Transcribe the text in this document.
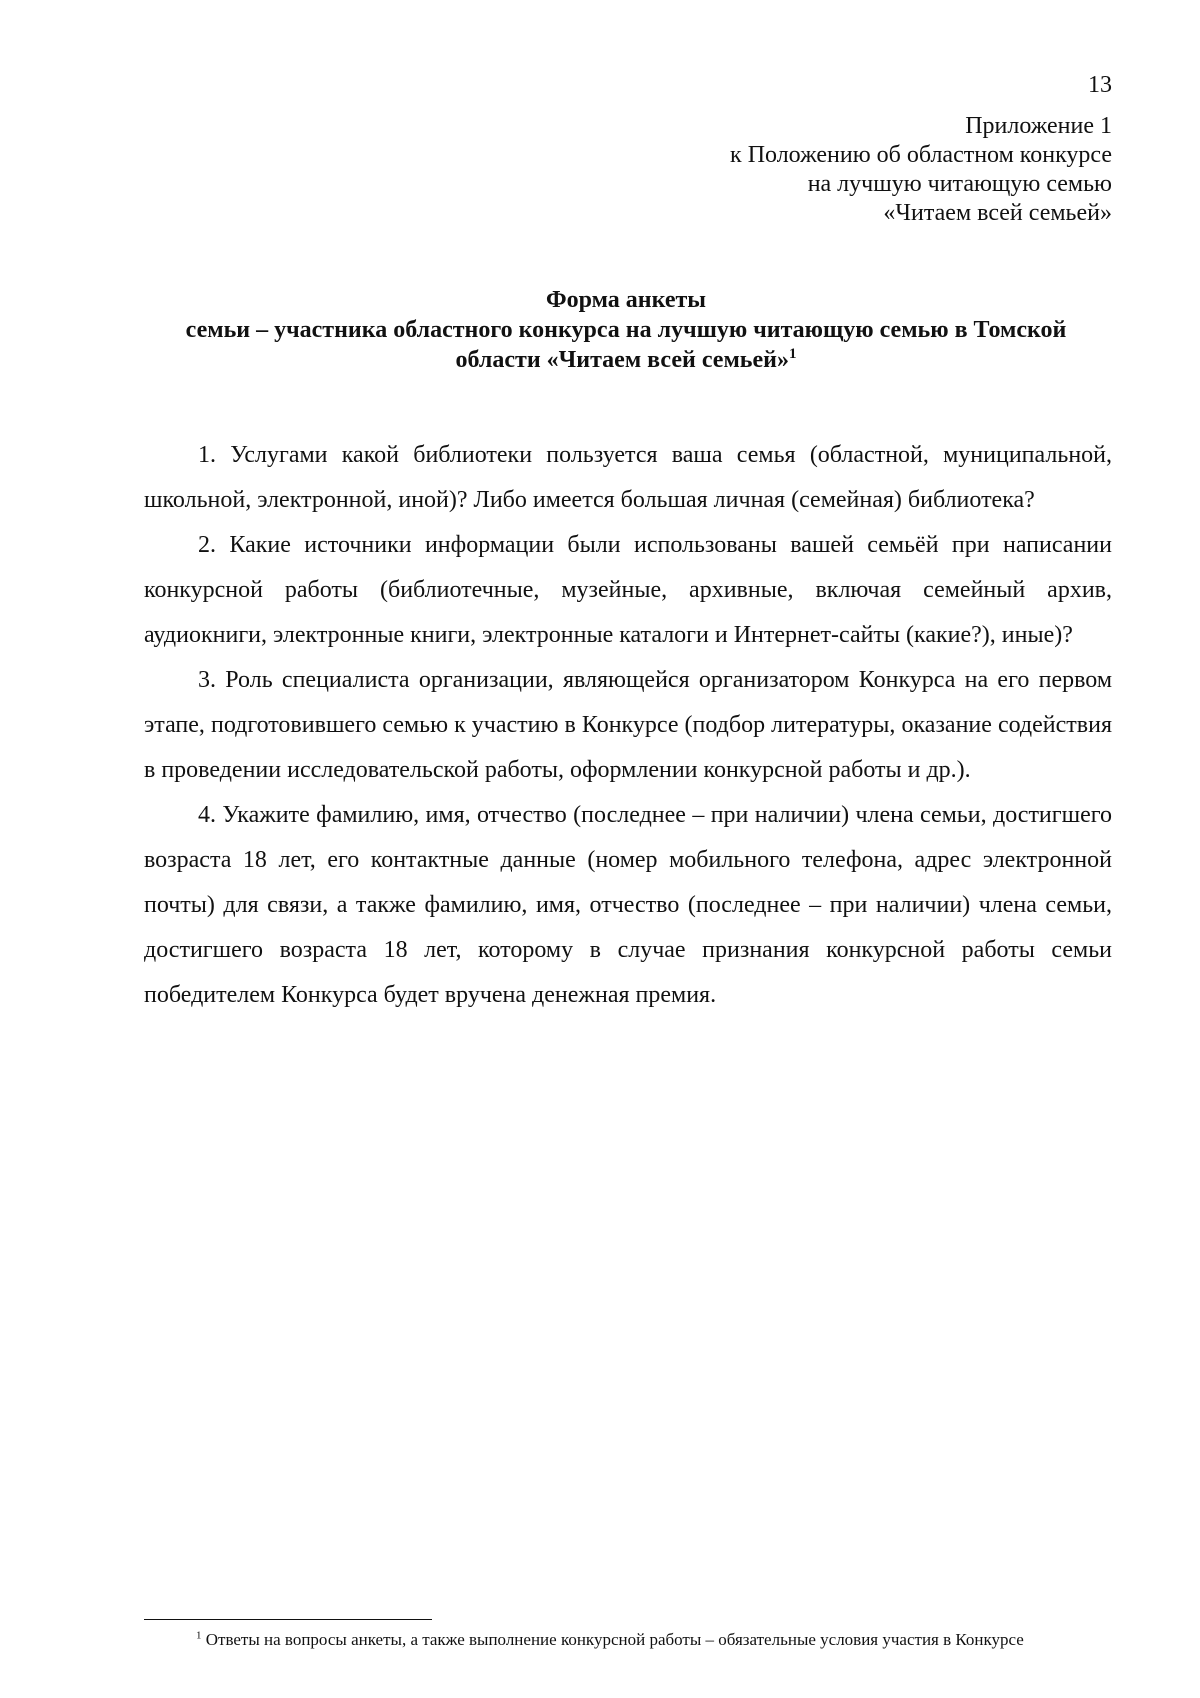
13
Приложение 1
к Положению об областном конкурсе
на лучшую читающую семью
«Читаем всей семьей»
Форма анкеты
семьи – участника областного конкурса на лучшую читающую семью в Томской
области «Читаем всей семьей»$^1$

1. Услугами какой библиотеки пользуется ваша семья (областной, муниципальной, школьной, электронной, иной)? Либо имеется большая личная (семейная) библиотека?

2. Какие источники информации были использованы вашей семьёй при написании конкурсной работы (библиотечные, музейные, архивные, включая семейный архив, аудиокниги, электронные книги, электронные каталоги и Интернет-сайты (какие?), иные)?

3. Роль специалиста организации, являющейся организатором Конкурса на его первом этапе, подготовившего семью к участию в Конкурсе (подбор литературы, оказание содействия в проведении исследовательской работы, оформлении конкурсной работы и др.).

4. Укажите фамилию, имя, отчество (последнее – при наличии) члена семьи, достигшего возраста 18 лет, его контактные данные (номер мобильного телефона, адрес электронной почты) для связи, а также фамилию, имя, отчество (последнее – при наличии) члена семьи, достигшего возраста 18 лет, которому в случае признания конкурсной работы семьи победителем Конкурса будет вручена денежная премия.

$^1$ Ответы на вопросы анкеты, а также выполнение конкурсной работы – обязательные условия участия в Конкурсе
